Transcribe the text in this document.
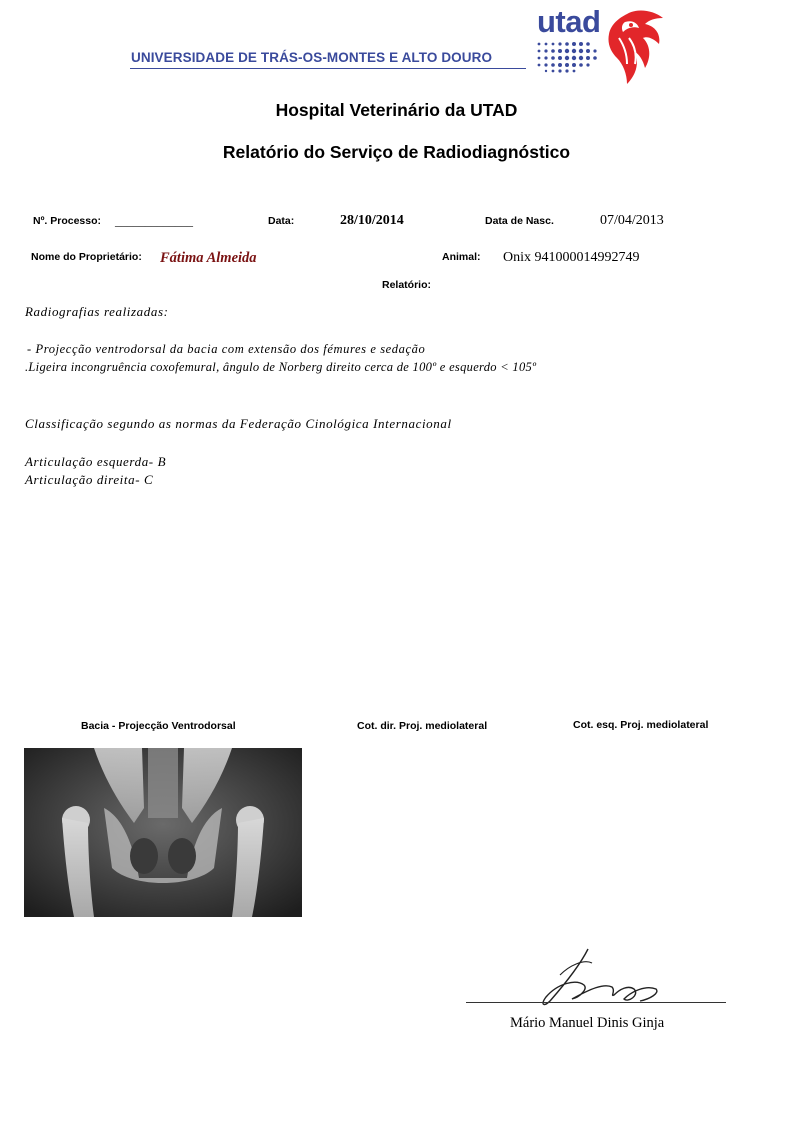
UNIVERSIDADE DE TRÁS-OS-MONTES E ALTO DOURO
utad
Hospital Veterinário da UTAD
Relatório do Serviço de Radiodiagnóstico
Nº. Processo: _____________	Data:	28/10/2014	Data de Nasc.	07/04/2013
Nome do Proprietário: Fátima Almeida	Animal: Onix 941000014992749
Relatório:
Radiografias realizadas:
- Projecção ventrodorsal da bacia com extensão dos fémures e sedação
.Ligeira incongruência coxofemural, ângulo de Norberg direito cerca de 100º e esquerdo < 105º
Classificação segundo as normas da Federação Cinológica Internacional
Articulação esquerda- B
Articulação direita- C
Bacia - Projecção Ventrodorsal	Cot. dir. Proj. mediolateral	Cot. esq. Proj. mediolateral
Mário Manuel Dinis Ginja
